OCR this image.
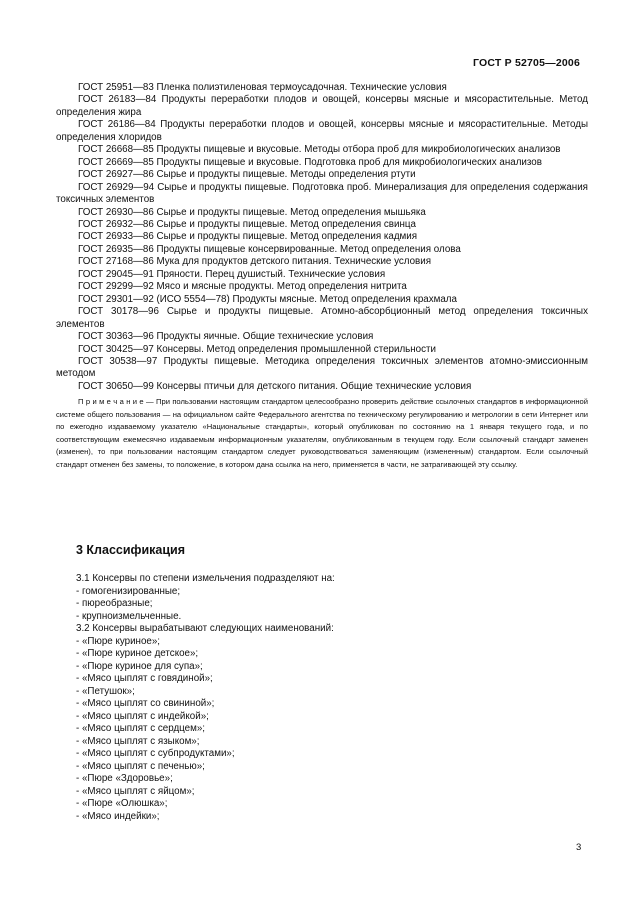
ГОСТ Р 52705—2006
ГОСТ 25951—83 Пленка полиэтиленовая термоусадочная. Технические условия
ГОСТ 26183—84 Продукты переработки плодов и овощей, консервы мясные и мясорастительные. Метод определения жира
ГОСТ 26186—84 Продукты переработки плодов и овощей, консервы мясные и мясорастительные. Методы определения хлоридов
ГОСТ 26668—85 Продукты пищевые и вкусовые. Методы отбора проб для микробиологических анализов
ГОСТ 26669—85 Продукты пищевые и вкусовые. Подготовка проб для микробиологических анализов
ГОСТ 26927—86 Сырье и продукты пищевые. Методы определения ртути
ГОСТ 26929—94 Сырье и продукты пищевые. Подготовка проб. Минерализация для определения содержания токсичных элементов
ГОСТ 26930—86 Сырье и продукты пищевые. Метод определения мышьяка
ГОСТ 26932—86 Сырье и продукты пищевые. Метод определения свинца
ГОСТ 26933—86 Сырье и продукты пищевые. Метод определения кадмия
ГОСТ 26935—86 Продукты пищевые консервированные. Метод определения олова
ГОСТ 27168—86 Мука для продуктов детского питания. Технические условия
ГОСТ 29045—91 Пряности. Перец душистый. Технические условия
ГОСТ 29299—92 Мясо и мясные продукты. Метод определения нитрита
ГОСТ 29301—92 (ИСО 5554—78) Продукты мясные. Метод определения крахмала
ГОСТ 30178—96 Сырье и продукты пищевые. Атомно-абсорбционный метод определения токсичных элементов
ГОСТ 30363—96 Продукты яичные. Общие технические условия
ГОСТ 30425—97 Консервы. Метод определения промышленной стерильности
ГОСТ 30538—97 Продукты пищевые. Методика определения токсичных элементов атомно-эмиссионным методом
ГОСТ 30650—99 Консервы птичьи для детского питания. Общие технические условия

П р и м е ч а н и е — При пользовании настоящим стандартом целесообразно проверить действие ссылочных стандартов в информационной системе общего пользования — на официальном сайте Федерального агентства по техническому регулированию и метрологии в сети Интернет или по ежегодно издаваемому указателю «Национальные стандарты», который опубликован по состоянию на 1 января текущего года, и по соответствующим ежемесячно издаваемым информационным указателям, опубликованным в текущем году. Если ссылочный стандарт заменен (изменен), то при пользовании настоящим стандартом следует руководствоваться заменяющим (измененным) стандартом. Если ссылочный стандарт отменен без замены, то положение, в котором дана ссылка на него, применяется в части, не затрагивающей эту ссылку.

3 Классификация
3.1 Консервы по степени измельчения подразделяют на:
- гомогенизированные;
- пюреобразные;
- крупноизмельченные.
3.2 Консервы вырабатывают следующих наименований:
- «Пюре куриное»;
- «Пюре куриное детское»;
- «Пюре куриное для супа»;
- «Мясо цыплят с говядиной»;
- «Петушок»;
- «Мясо цыплят со свининой»;
- «Мясо цыплят с индейкой»;
- «Мясо цыплят с сердцем»;
- «Мясо цыплят с языком»;
- «Мясо цыплят с субпродуктами»;
- «Мясо цыплят с печенью»;
- «Пюре «Здоровье»;
- «Мясо цыплят с яйцом»;
- «Пюре «Олюшка»;
- «Мясо индейки»;
3
